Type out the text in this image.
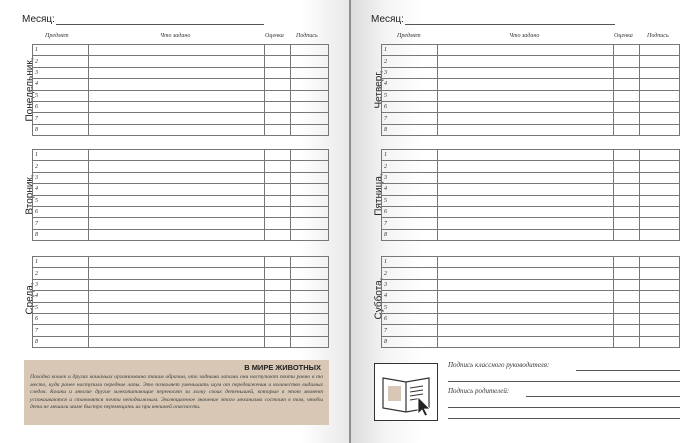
Месяц:
Предмет	Что задано	Оценка Подпись
Понедельник,
Вторник,
Среда,
1			
2			
3			
4			
5			
6			
7			
8			
1			
2			
3			
4			
5			
6			
7			
8			
1			
2			
3			
4			
5			
6			
7			
8			
В МИРЕ ЖИВОТНЫХ
Походка кошек и других кошачьих организована таким образом, что задними лапами они наступают почти ровно в то место, куда ранее наступили передние лапы. Это позволяет уменьшить шум от передвижения и количество видимых следов. Кошки и многие другие млекопитающие переносят за холку своих детенышей, которые в этот момент успокаиваются и становятся почти неподвижным. Эволюционное значение этого механизма состоит в том, чтобы дети не мешали маме быстро перемещать их при внешней опасности.
Месяц:
Предмет	Что задано	Оценка Подпись
Четверг,
Пятница,
Суббота,
1			
2			
3			
4			
5			
6			
7			
8			
1			
2			
3			
4			
5			
6			
7			
8			
1			
2			
3			
4			
5			
6			
7			
8			
Подпись классного руководителя:
Подпись родителей:
